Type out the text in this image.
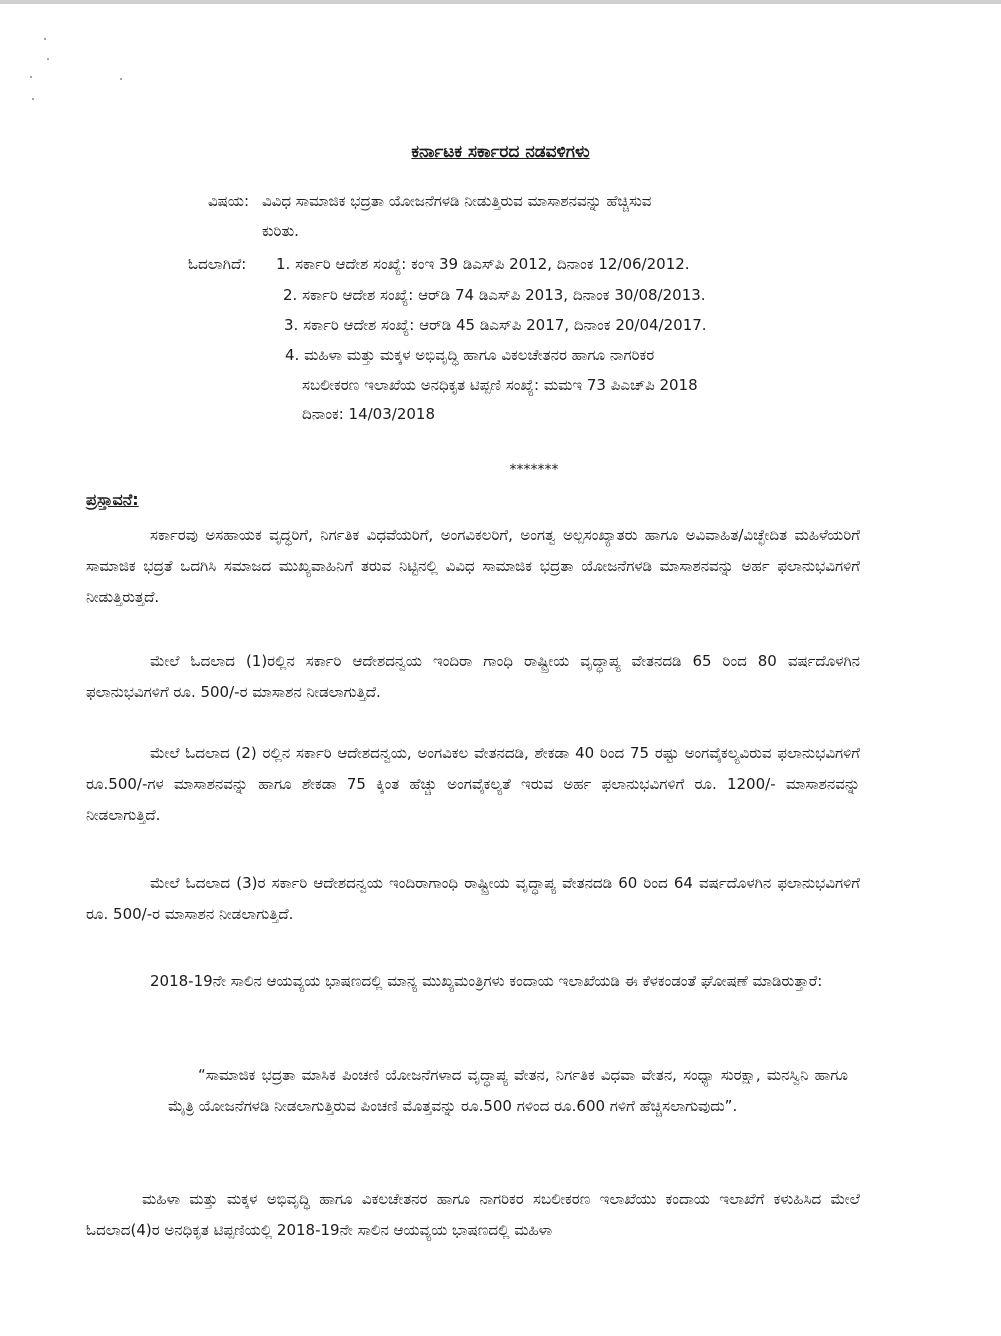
ಕರ್ನಾಟಕ ಸರ್ಕಾರದ ನಡವಳಿಗಳು
ವಿಷಯ: ವಿವಿಧ ಸಾಮಾಜಿಕ ಭದ್ರತಾ ಯೋಜನೆಗಳಡಿ ನೀಡುತ್ತಿರುವ ಮಾಸಾಶನವನ್ನು ಹೆಚ್ಚಿಸುವ
ಕುರಿತು.
ಓದಲಾಗಿದೆ: 1. ಸರ್ಕಾರಿ ಆದೇಶ ಸಂಖ್ಯೆ: ಕಂಇ 39 ಡಿಎಸ್‌ಪಿ 2012, ದಿನಾಂಕ 12/06/2012.
2. ಸರ್ಕಾರಿ ಆದೇಶ ಸಂಖ್ಯೆ: ಆರ್‌ಡಿ 74 ಡಿಎಸ್‌ಪಿ 2013, ದಿನಾಂಕ 30/08/2013.
3. ಸರ್ಕಾರಿ ಆದೇಶ ಸಂಖ್ಯೆ: ಆರ್‌ಡಿ 45 ಡಿಎಸ್‌ಪಿ 2017, ದಿನಾಂಕ 20/04/2017.
4. ಮಹಿಳಾ ಮತ್ತು ಮಕ್ಕಳ ಅಭಿವೃದ್ಧಿ ಹಾಗೂ ವಿಕಲಚೇತನರ ಹಾಗೂ ನಾಗರಿಕರ
ಸಬಲೀಕರಣ ಇಲಾಖೆಯ ಅನಧಿಕೃತ ಟಿಪ್ಪಣಿ ಸಂಖ್ಯೆ: ಮಮಇ 73 ಪಿಎಚ್‌ಪಿ 2018
ದಿನಾಂಕ: 14/03/2018
*******
ಪ್ರಸ್ತಾವನೆ:
ಸರ್ಕಾರವು ಅಸಹಾಯಕ ವೃದ್ಧರಿಗೆ, ನಿರ್ಗತಿಕ ವಿಧವೆಯರಿಗೆ, ಅಂಗವಿಕಲರಿಗೆ, ಅಂಗತ್ವ ಅಲ್ಪಸಂಖ್ಯಾತರು ಹಾಗೂ ಅವಿವಾಹಿತ/ವಿಚ್ಛೇದಿತ ಮಹಿಳೆಯರಿಗೆ ಸಾಮಾಜಿಕ ಭದ್ರತೆ ಒದಗಿಸಿ ಸಮಾಜದ ಮುಖ್ಯವಾಹಿನಿಗೆ ತರುವ ನಿಟ್ಟಿನಲ್ಲಿ ವಿವಿಧ ಸಾಮಾಜಿಕ ಭದ್ರತಾ ಯೋಜನೆಗಳಡಿ ಮಾಸಾಶನವನ್ನು ಅರ್ಹ ಫಲಾನುಭವಿಗಳಿಗೆ ನೀಡುತ್ತಿರುತ್ತದೆ.
ಮೇಲೆ ಓದಲಾದ (1)ರಲ್ಲಿನ ಸರ್ಕಾರಿ ಆದೇಶದನ್ವಯ ಇಂದಿರಾ ಗಾಂಧಿ ರಾಷ್ಟ್ರೀಯ ವೃದ್ಧಾಪ್ಯ ವೇತನದಡಿ 65 ರಿಂದ 80 ವರ್ಷದೊಳಗಿನ ಫಲಾನುಭವಿಗಳಿಗೆ ರೂ. 500/-ರ ಮಾಸಾಶನ ನೀಡಲಾಗುತ್ತಿದೆ.
ಮೇಲೆ ಓದಲಾದ (2) ರಲ್ಲಿನ ಸರ್ಕಾರಿ ಆದೇಶದನ್ವಯ, ಅಂಗವಿಕಲ ವೇತನದಡಿ, ಶೇಕಡಾ 40 ರಿಂದ 75 ರಷ್ಟು ಅಂಗವೈಕಲ್ಯವಿರುವ ಫಲಾನುಭವಿಗಳಿಗೆ ರೂ.500/-ಗಳ ಮಾಸಾಶನವನ್ನು ಹಾಗೂ ಶೇಕಡಾ 75 ಕ್ಕಿಂತ ಹೆಚ್ಚು ಅಂಗವೈಕಲ್ಯತೆ ಇರುವ ಅರ್ಹ ಫಲಾನುಭವಿಗಳಿಗೆ ರೂ. 1200/- ಮಾಸಾಶನವನ್ನು ನೀಡಲಾಗುತ್ತಿದೆ.
ಮೇಲೆ ಓದಲಾದ (3)ರ ಸರ್ಕಾರಿ ಆದೇಶದನ್ವಯ ಇಂದಿರಾಗಾಂಧಿ ರಾಷ್ಟ್ರೀಯ ವೃದ್ಧಾಪ್ಯ ವೇತನದಡಿ 60 ರಿಂದ 64 ವರ್ಷದೊಳಗಿನ ಫಲಾನುಭವಿಗಳಿಗೆ ರೂ. 500/-ರ ಮಾಸಾಶನ ನೀಡಲಾಗುತ್ತಿದೆ.
2018-19ನೇ ಸಾಲಿನ ಆಯವ್ಯಯ ಭಾಷಣದಲ್ಲಿ ಮಾನ್ಯ ಮುಖ್ಯಮಂತ್ರಿಗಳು ಕಂದಾಯ ಇಲಾಖೆಯಡಿ ಈ ಕೆಳಕಂಡಂತೆ ಘೋಷಣೆ ಮಾಡಿರುತ್ತಾರೆ:
“ಸಾಮಾಜಿಕ ಭದ್ರತಾ ಮಾಸಿಕ ಪಿಂಚಣಿ ಯೋಜನೆಗಳಾದ ವೃದ್ಧಾಪ್ಯ ವೇತನ, ನಿರ್ಗತಿಕ ವಿಧವಾ ವೇತನ, ಸಂಧ್ಯಾ ಸುರಕ್ಷಾ, ಮನಸ್ವಿನಿ ಹಾಗೂ ಮೈತ್ರಿ ಯೋಜನೆಗಳಡಿ ನೀಡಲಾಗುತ್ತಿರುವ ಪಿಂಚಣಿ ಮೊತ್ತವನ್ನು ರೂ.500 ಗಳಿಂದ ರೂ.600 ಗಳಿಗೆ ಹೆಚ್ಚಿಸಲಾಗುವುದು”.
ಮಹಿಳಾ ಮತ್ತು ಮಕ್ಕಳ ಅಭಿವೃದ್ಧಿ ಹಾಗೂ ವಿಕಲಚೇತನರ ಹಾಗೂ ನಾಗರಿಕರ ಸಬಲೀಕರಣ ಇಲಾಖೆಯು ಕಂದಾಯ ಇಲಾಖೆಗೆ ಕಳುಹಿಸಿದ ಮೇಲೆ ಓದಲಾದ(4)ರ ಅನಧಿಕೃತ ಟಿಪ್ಪಣಿಯಲ್ಲಿ 2018-19ನೇ ಸಾಲಿನ ಆಯವ್ಯಯ ಭಾಷಣದಲ್ಲಿ ಮಹಿಳಾ
